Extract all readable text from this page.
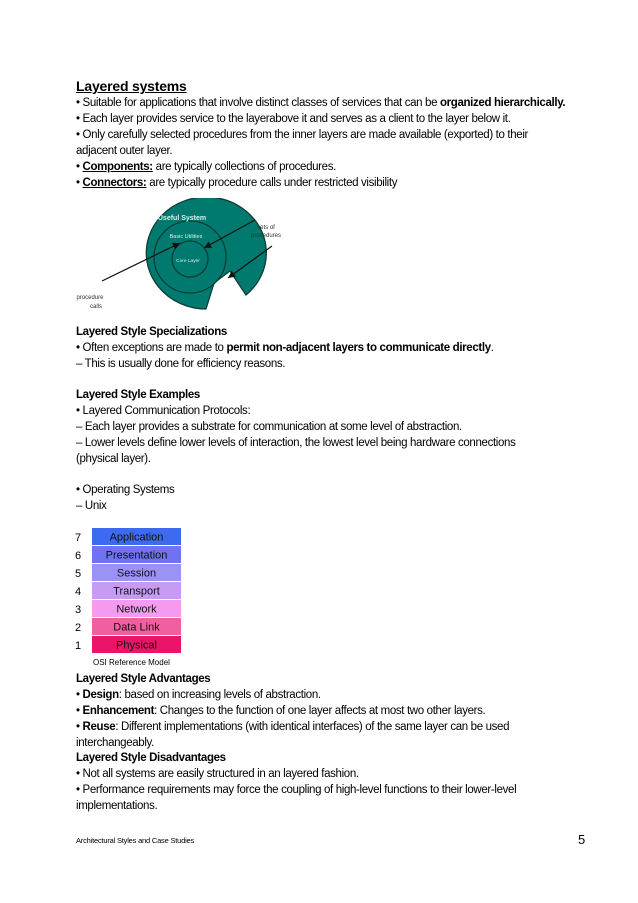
Layered systems
• Suitable for applications that involve distinct classes of services that can be organized hierarchically.
• Each layer provides service to the layerabove it and serves as a client to the layer below it.
• Only carefully selected procedures from the inner layers are made available (exported) to their
adjacent outer layer.
• Components: are typically collections of procedures.
• Connectors: are typically procedure calls under restricted visibility
Useful System
Basic Utilities
Core Layer
sets of
procedures
procedure
calls
Layered Style Specializations
• Often exceptions are made to permit non-adjacent layers to communicate directly.
– This is usually done for efficiency reasons.
Layered Style Examples
• Layered Communication Protocols:
– Each layer provides a substrate for communication at some level of abstraction.
– Lower levels define lower levels of interaction, the lowest level being hardware connections
(physical layer).
• Operating Systems
– Unix
7	Application
6 Presentation
5	Session
4	Transport
3	Network
2	Data Link
1	Physical
OSI Reference Model
Layered Style Advantages
• Design: based on increasing levels of abstraction.
• Enhancement: Changes to the function of one layer affects at most two other layers.
• Reuse: Different implementations (with identical interfaces) of the same layer can be used
interchangeably.
Layered Style Disadvantages
• Not all systems are easily structured in an layered fashion.
• Performance requirements may force the coupling of high-level functions to their lower-level
implementations.
Architectural Styles and Case Studies	5
